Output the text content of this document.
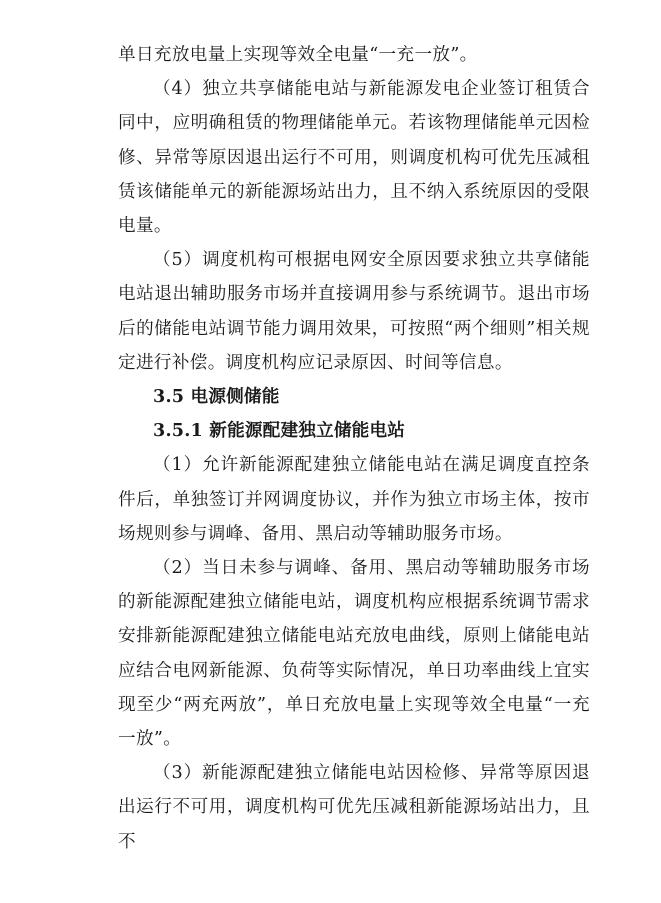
单日充放电量上实现等效全电量“一充一放”。

（4）独立共享储能电站与新能源发电企业签订租赁合同中，应明确租赁的物理储能单元。若该物理储能单元因检修、异常等原因退出运行不可用，则调度机构可优先压减租赁该储能单元的新能源场站出力，且不纳入系统原因的受限电量。

（5）调度机构可根据电网安全原因要求独立共享储能电站退出辅助服务市场并直接调用参与系统调节。退出市场后的储能电站调节能力调用效果，可按照“两个细则”相关规定进行补偿。调度机构应记录原因、时间等信息。

3.5 电源侧储能

3.5.1 新能源配建独立储能电站

（1）允许新能源配建独立储能电站在满足调度直控条件后，单独签订并网调度协议，并作为独立市场主体，按市场规则参与调峰、备用、黑启动等辅助服务市场。

（2）当日未参与调峰、备用、黑启动等辅助服务市场的新能源配建独立储能电站，调度机构应根据系统调节需求安排新能源配建独立储能电站充放电曲线，原则上储能电站应结合电网新能源、负荷等实际情况，单日功率曲线上宜实现至少“两充两放”，单日充放电量上实现等效全电量“一充一放”。

（3）新能源配建独立储能电站因检修、异常等原因退出运行不可用，调度机构可优先压减租新能源场站出力，且不
